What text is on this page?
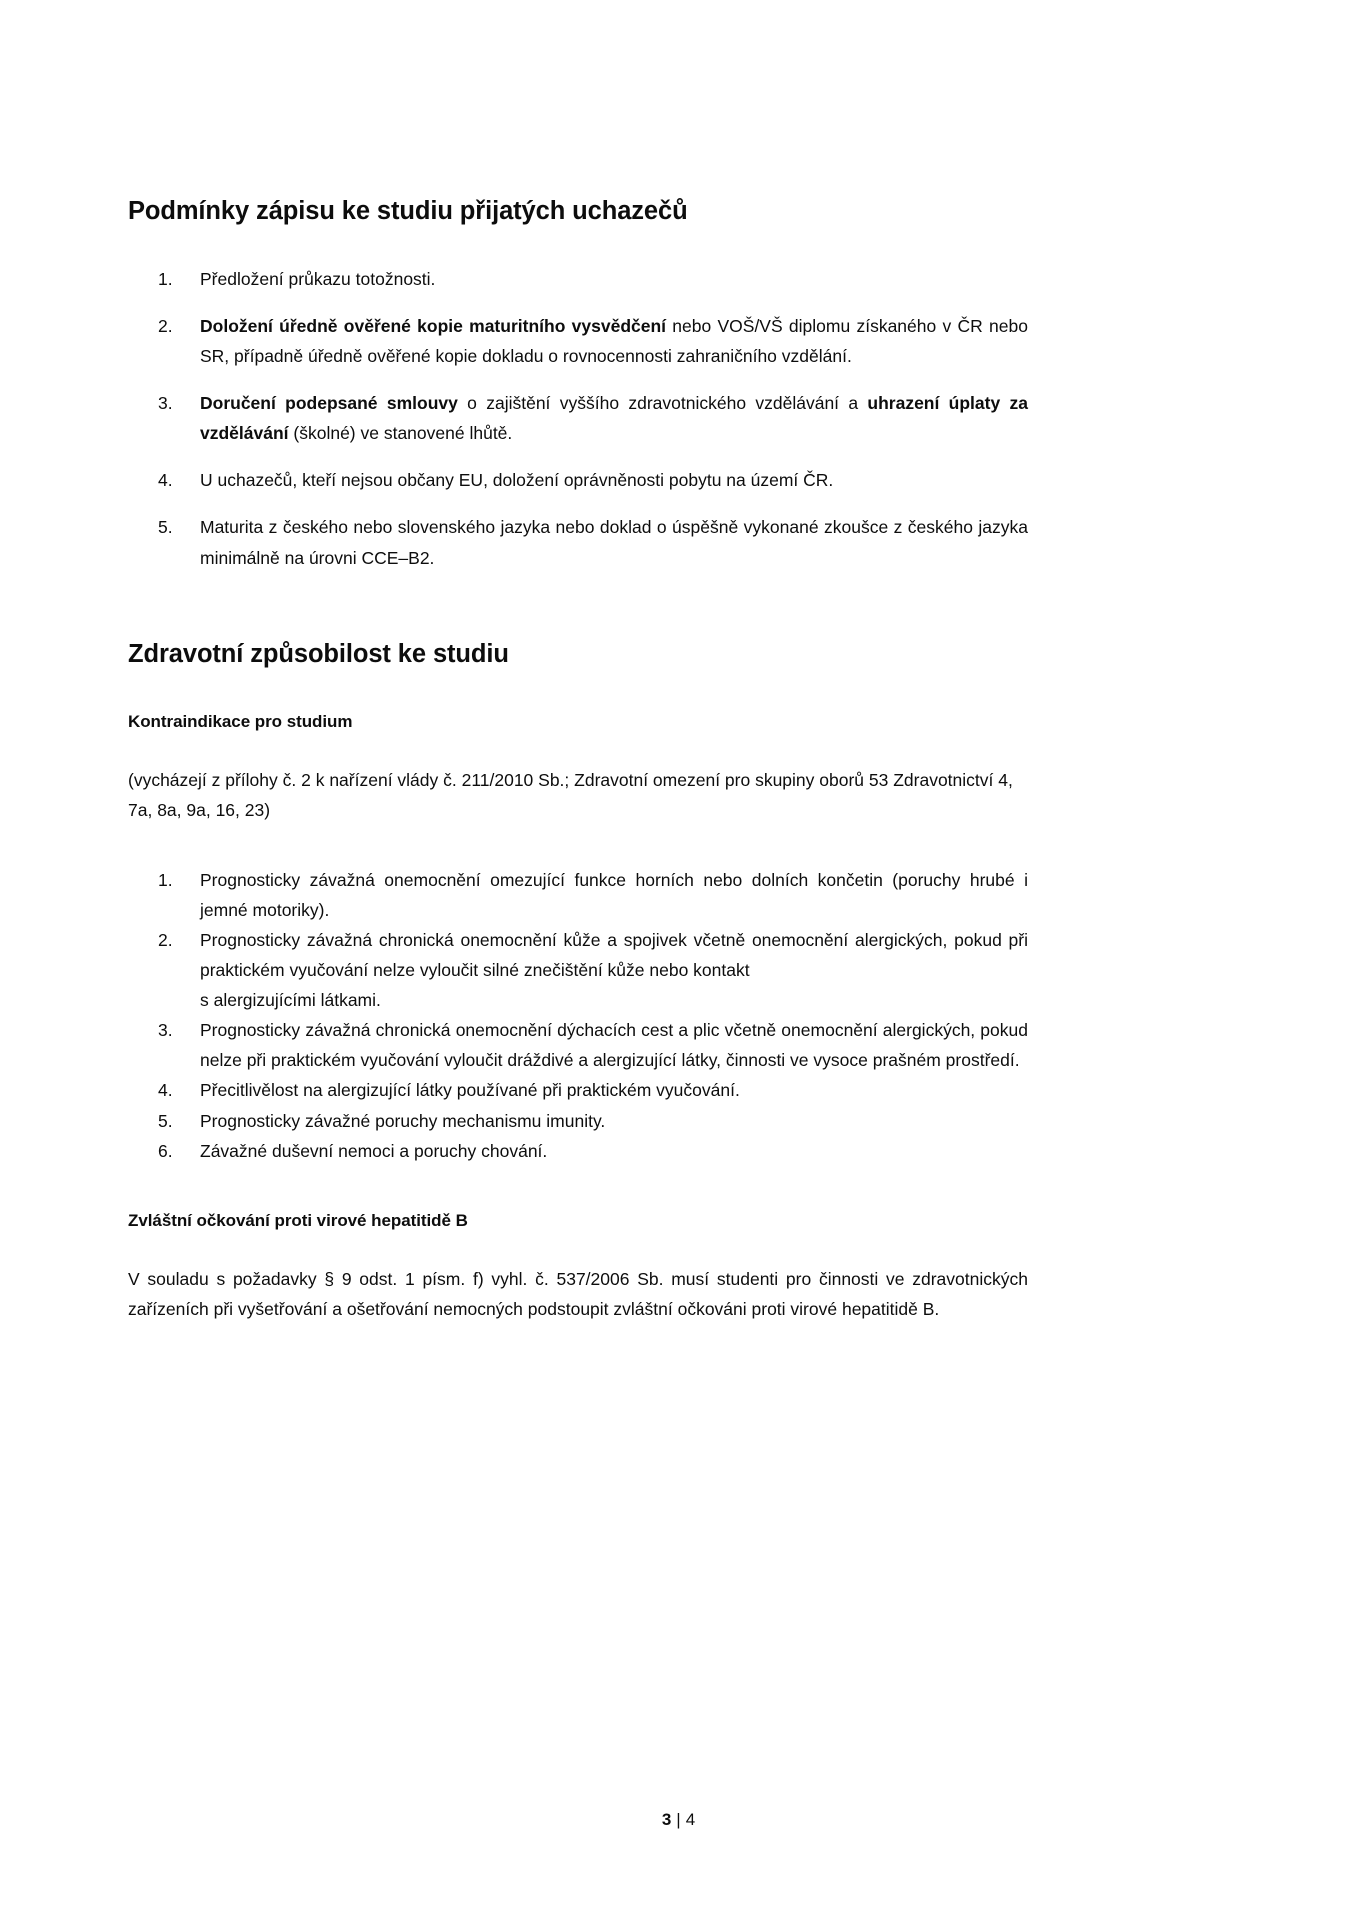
Podmínky zápisu ke studiu přijatých uchazečů
1.	Předložení průkazu totožnosti.
2.	Doložení úředně ověřené kopie maturitního vysvědčení nebo VOŠ/VŠ diplomu získaného v ČR nebo SR, případně úředně ověřené kopie dokladu o rovnocennosti zahraničního vzdělání.
3.	Doručení podepsané smlouvy o zajištění vyššího zdravotnického vzdělávání a uhrazení úplaty za vzdělávání (školné) ve stanovené lhůtě.
4.	U uchazečů, kteří nejsou občany EU, doložení oprávněnosti pobytu na území ČR.
5.	Maturita z českého nebo slovenského jazyka nebo doklad o úspěšně vykonané zkoušce z českého jazyka minimálně na úrovni CCE–B2.
Zdravotní způsobilost ke studiu
Kontraindikace pro studium

(vycházejí z přílohy č. 2 k nařízení vlády č. 211/2010 Sb.; Zdravotní omezení pro skupiny oborů 53 Zdravotnictví 4, 7a, 8a, 9a, 16, 23)

1.	Prognosticky závažná onemocnění omezující funkce horních nebo dolních končetin (poruchy hrubé i jemné motoriky).
2.	Prognosticky závažná chronická onemocnění kůže a spojivek včetně onemocnění alergických, pokud při praktickém vyučování nelze vyloučit silné znečištění kůže nebo kontakt
s alergizujícími látkami.
3.	Prognosticky závažná chronická onemocnění dýchacích cest a plic včetně onemocnění alergických, pokud nelze při praktickém vyučování vyloučit dráždivé a alergizující látky, činnosti ve vysoce prašném prostředí.
4.	Přecitlivělost na alergizující látky používané při praktickém vyučování.
5.	Prognosticky závažné poruchy mechanismu imunity.
6.	Závažné duševní nemoci a poruchy chování.
Zvláštní očkování proti virové hepatitidě B

V souladu s požadavky § 9 odst. 1 písm. f) vyhl. č. 537/2006 Sb. musí studenti pro činnosti ve zdravotnických zařízeních při vyšetřování a ošetřování nemocných podstoupit zvláštní očkováni proti virové hepatitidě B.

3 | 4
